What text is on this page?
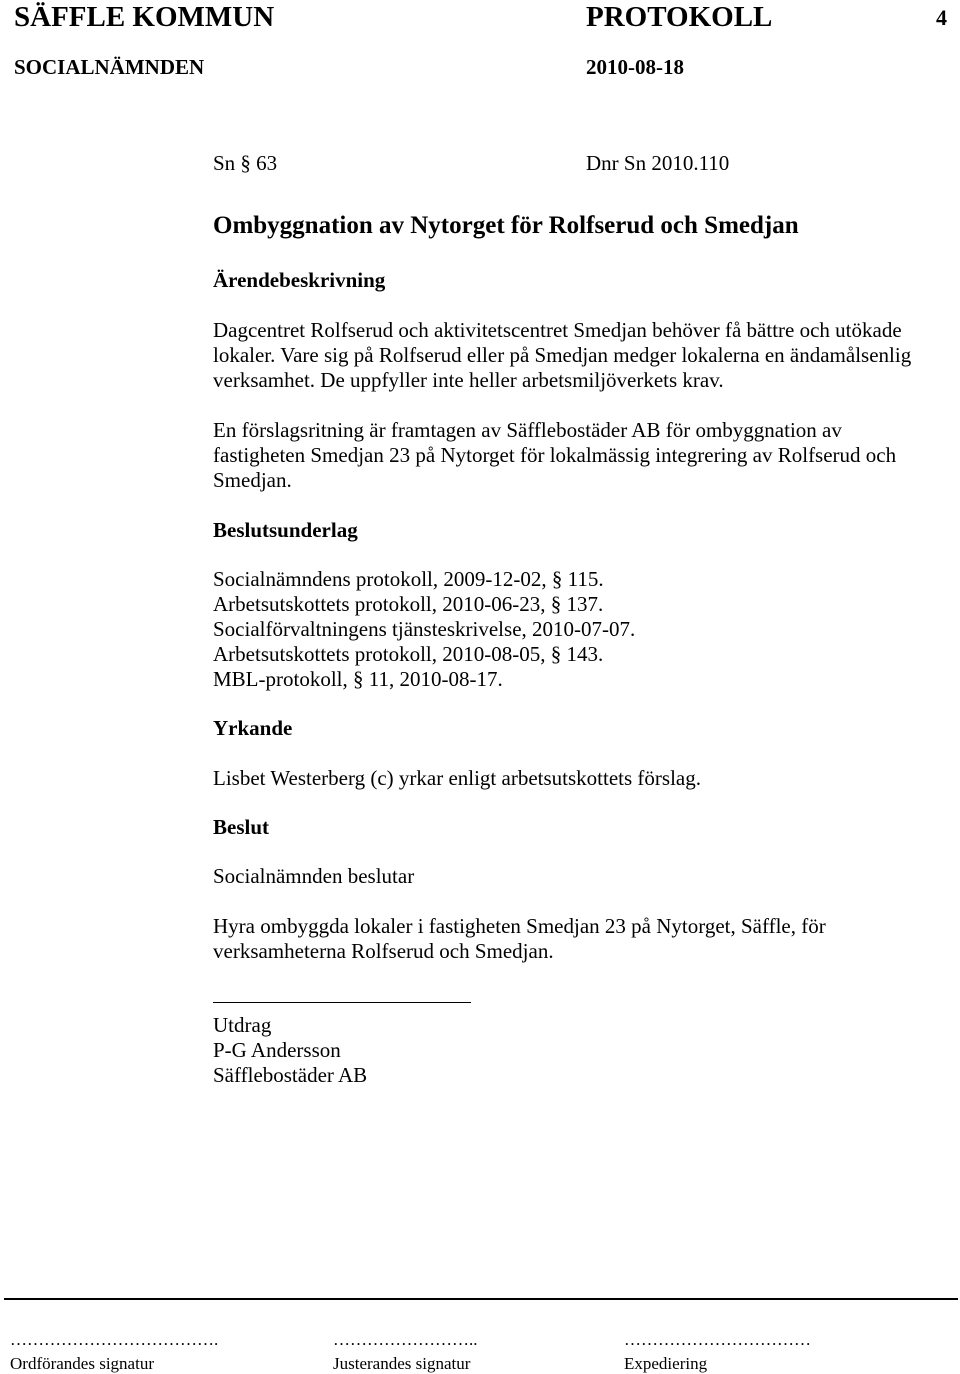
SÄFFLE KOMMUN	PROTOKOLL	4
SOCIALNÄMNDEN	2010-08-18
Sn § 63	Dnr Sn 2010.110
Ombyggnation av Nytorget för Rolfserud och Smedjan
Ärendebeskrivning

Dagcentret Rolfserud och aktivitetscentret Smedjan behöver få bättre och utökade lokaler. Vare sig på Rolfserud eller på Smedjan medger lokalerna en ändamålsenlig verksamhet. De uppfyller inte heller arbetsmiljöverkets krav.

En förslagsritning är framtagen av Säfflebostäder AB för ombyggnation av fastigheten Smedjan 23 på Nytorget för lokalmässig integrering av Rolfserud och Smedjan.

Beslutsunderlag
Socialnämndens protokoll, 2009-12-02, § 115.
Arbetsutskottets protokoll, 2010-06-23, § 137.
Socialförvaltningens tjänsteskrivelse, 2010-07-07.
Arbetsutskottets protokoll, 2010-08-05, § 143.
MBL-protokoll, § 11, 2010-08-17.
Yrkande

Lisbet Westerberg (c) yrkar enligt arbetsutskottets förslag.

Beslut
Socialnämnden beslutar

Hyra ombyggda lokaler i fastigheten Smedjan 23 på Nytorget, Säffle, för verksamheterna Rolfserud och Smedjan.

Utdrag
P-G Andersson
Säfflebostäder AB
……………………………….	……………………..	……………………………
Ordförandes signatur	Justerandes signatur	Expediering
